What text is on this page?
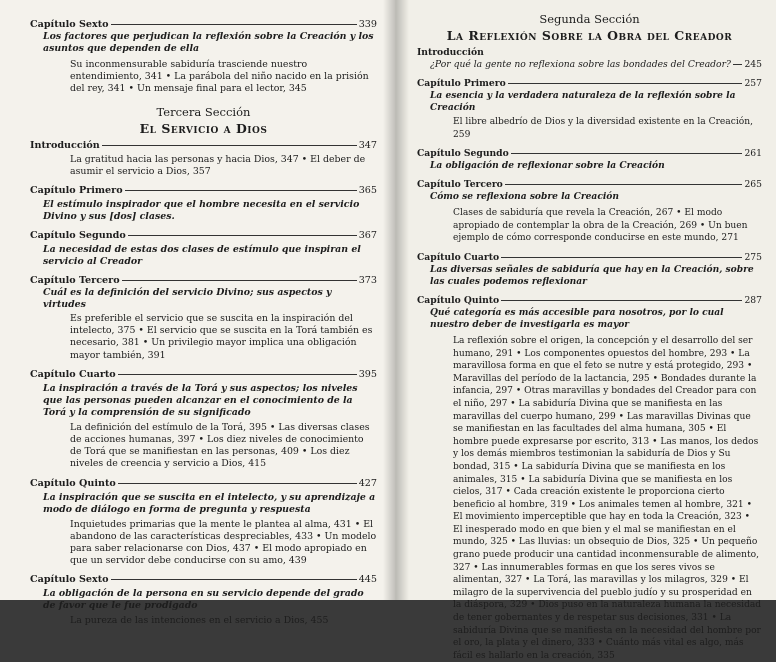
Capítulo Sexto	339
Los factores que perjudican la reflexión sobre la Creación y los asuntos que dependen de ella
Su inconmensurable sabiduría trasciende nuestro entendimiento, 341 • La parábola del niño nacido en la prisión del rey, 341 • Un mensaje final para el lector, 345
Tercera Sección
El Servicio a Dios
Introducción	347
La gratitud hacia las personas y hacia Dios, 347 • El deber de asumir el servicio a Dios, 357
Capítulo Primero	365
El estímulo inspirador que el hombre necesita en el servicio Divino y sus [dos] clases.
Capítulo Segundo	367
La necesidad de estas dos clases de estímulo que inspiran el servicio al Creador
Capítulo Tercero	373
Cuál es la definición del servicio Divino; sus aspectos y virtudes
Es preferible el servicio que se suscita en la inspiración del intelecto, 375 • El servicio que se suscita en la Torá también es necesario, 381 • Un privilegio mayor implica una obligación mayor también, 391
Capítulo Cuarto	395
La inspiración a través de la Torá y sus aspectos; los niveles que las personas pueden alcanzar en el conocimiento de la Torá y la comprensión de su significado
La definición del estímulo de la Torá, 395 • Las diversas clases de acciones humanas, 397 • Los diez niveles de conocimiento de Torá que se manifiestan en las personas, 409 • Los diez niveles de creencia y servicio a Dios, 415
Capítulo Quinto	427
La inspiración que se suscita en el intelecto, y su aprendizaje a modo de diálogo en forma de pregunta y respuesta
Inquietudes primarias que la mente le plantea al alma, 431 • El abandono de las características despreciables, 433 • Un modelo para saber relacionarse con Dios, 437 • El modo apropiado en que un servidor debe conducirse con su amo, 439
Capítulo Sexto	445
La obligación de la persona en su servicio depende del grado de favor que le fue prodigado
La pureza de las intenciones en el servicio a Dios, 455
Segunda Sección
La Reflexión Sobre la Obra del Creador
Introducción
¿Por qué la gente no reflexiona sobre las bondades del Creador? 245
Capítulo Primero	257
La esencia y la verdadera naturaleza de la reflexión sobre la Creación
El libre albedrío de Dios y la diversidad existente en la Creación, 259
Capítulo Segundo	261
La obligación de reflexionar sobre la Creación
Capítulo Tercero	265
Cómo se reflexiona sobre la Creación
Clases de sabiduría que revela la Creación, 267 • El modo apropiado de contemplar la obra de la Creación, 269 • Un buen ejemplo de cómo corresponde conducirse en este mundo, 271
Capítulo Cuarto	275
Las diversas señales de sabiduría que hay en la Creación, sobre las cuales podemos reflexionar
Capítulo Quinto	287
Qué categoría es más accesible para nosotros, por lo cual nuestro deber de investigarla es mayor
La reflexión sobre el origen, la concepción y el desarrollo del ser humano, 291 • Los componentes opuestos del hombre, 293 • La maravillosa forma en que el feto se nutre y está protegido, 293 • Maravillas del período de la lactancia, 295 • Bondades durante la infancia, 297 • Otras maravillas y bondades del Creador para con el niño, 297 • La sabiduría Divina que se manifiesta en las maravillas del cuerpo humano, 299 • Las maravillas Divinas que se manifiestan en las facultades del alma humana, 305 • El hombre puede expresarse por escrito, 313 • Las manos, los dedos y los demás miembros testimonian la sabiduría de Dios y Su bondad, 315 • La sabiduría Divina que se manifiesta en los animales, 315 • La sabiduría Divina que se manifiesta en los cielos, 317 • Cada creación existente le proporciona cierto beneficio al hombre, 319 • Los animales temen al hombre, 321 • El movimiento imperceptible que hay en toda la Creación, 323 • El inesperado modo en que bien y el mal se manifiestan en el mundo, 325 • Las lluvias: un obsequio de Dios, 325 • Un pequeño grano puede producir una cantidad inconmensurable de alimento, 327 • Las innumerables formas en que los seres vivos se alimentan, 327 • La Torá, las maravillas y los milagros, 329 • El milagro de la supervivencia del pueblo judío y su prosperidad en la diáspora, 329 • Dios puso en la naturaleza humana la necesidad de tener gobernantes y de respetar sus decisiones, 331 • La sabiduría Divina que se manifiesta en la necesidad del hombre por el oro, la plata y el dinero, 333 • Cuánto más vital es algo, más fácil es hallarlo en la creación, 335
